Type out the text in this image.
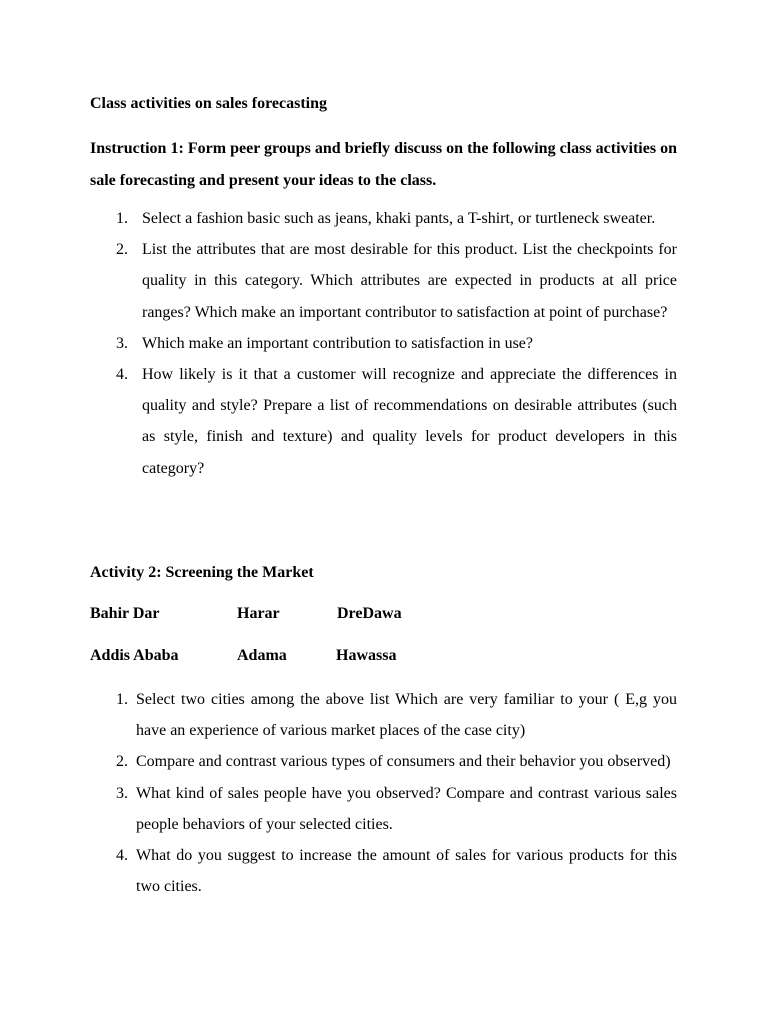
Class activities on sales forecasting
Instruction 1: Form peer groups and briefly discuss on the following class activities on sale forecasting and present your ideas to the class.
1. Select a fashion basic such as jeans, khaki pants, a T-shirt, or turtleneck sweater.
2. List the attributes that are most desirable for this product. List the checkpoints for quality in this category. Which attributes are expected in products at all price ranges? Which make an important contributor to satisfaction at point of purchase?
3. Which make an important contribution to satisfaction in use?
4. How likely is it that a customer will recognize and appreciate the differences in quality and style? Prepare a list of recommendations on desirable attributes (such as style, finish and texture) and quality levels for product developers in this category?
Activity 2: Screening the Market
Bahir Dar	Harar	DreDawa
Addis Ababa	Adama	Hawassa
1. Select two cities among the above list Which are very familiar to your ( E,g you have an experience of various market places of the case city)
2. Compare and contrast various types of consumers and their behavior you observed)
3. What kind of sales people have you observed? Compare and contrast various sales people behaviors of your selected cities.
4. What do you suggest to increase the amount of sales for various products for this two cities.
